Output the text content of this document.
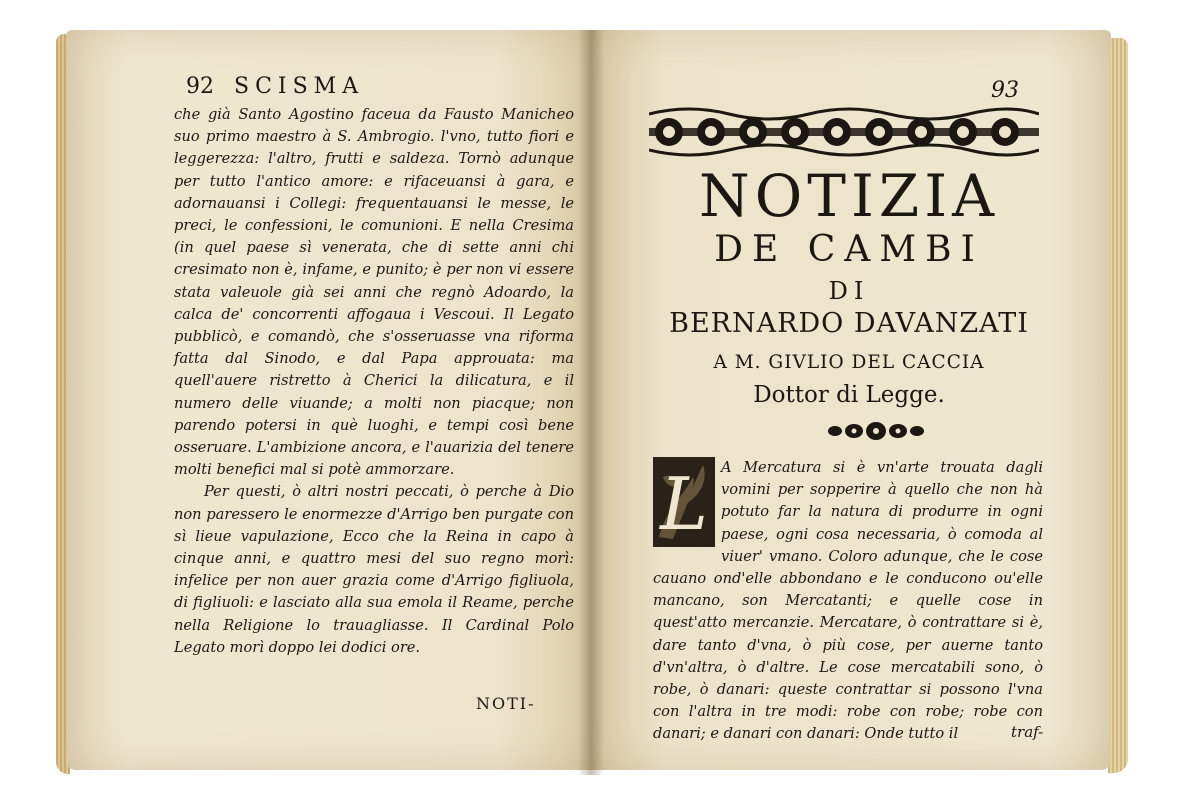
92 SCISMA

che già Santo Agostino faceua da Fausto Manicheo suo primo maestro à S. Ambrogio. l'vno, tutto fiori e leggerezza: l'altro, frutti e saldeza. Tornò adunque per tutto l'antico amore: e rifaceuansi à gara, e adornauansi i Collegi: frequentauansi le messe, le preci, le confessioni, le comunioni. E nella Cresima (in quel paese sì venerata, che di sette anni chi cresimato non è, infame, e punito; è per non vi essere stata valeuole già sei anni che regnò Adoardo, la calca de' concorrenti affogaua i Vescoui. Il Legato pubblicò, e comandò, che s'osseruasse vna riforma fatta dal Sinodo, e dal Papa approuata: ma quell'auere ristretto à Cherici la dilicatura, e il numero delle viuande; a molti non piacque; non parendo potersi in què luoghi, e tempi così bene osseruare. L'ambizione ancora, e l'auarizia del tenere molti benefici mal si potè ammorzare.

Per questi, ò altri nostri peccati, ò perche à Dio non paressero le enormezze d'Arrigo ben purgate con sì lieue vapulazione, Ecco che la Reina in capo à cinque anni, e quattro mesi del suo regno morì: infelice per non auer grazia come d'Arrigo figliuola, di figliuoli: e lasciato alla sua emola il Reame, perche nella Religione lo trauagliasse. Il Cardinal Polo Legato morì doppo lei dodici ore.

NOTI-
93
NOTIZIA
DE CAMBI
DI
BERNARDO DAVANZATI
A M. GIVLIO DEL CACCIA
Dottor di Legge.
L A Mercatura si è vn'arte trouata dagli vomini per sopperire à quello che non hà potuto far la natura di produrre in ogni paese, ogni cosa necessaria, ò comoda al viuer' vmano. Coloro adunque, che le cose cauano ond'elle abbondano e le conducono ou'elle mancano, son Mercatanti; e quelle cose in quest'atto mercanzie. Mercatare, ò contrattare si è, dare tanto d'vna, ò più cose, per auerne tanto d'vn'altra, ò d'altre. Le cose mercatabili sono, ò robe, ò danari: queste contrattar si possono l'vna con l'altra in tre modi: robe con robe; robe con danari; e danari con danari: Onde tutto il	traf-
